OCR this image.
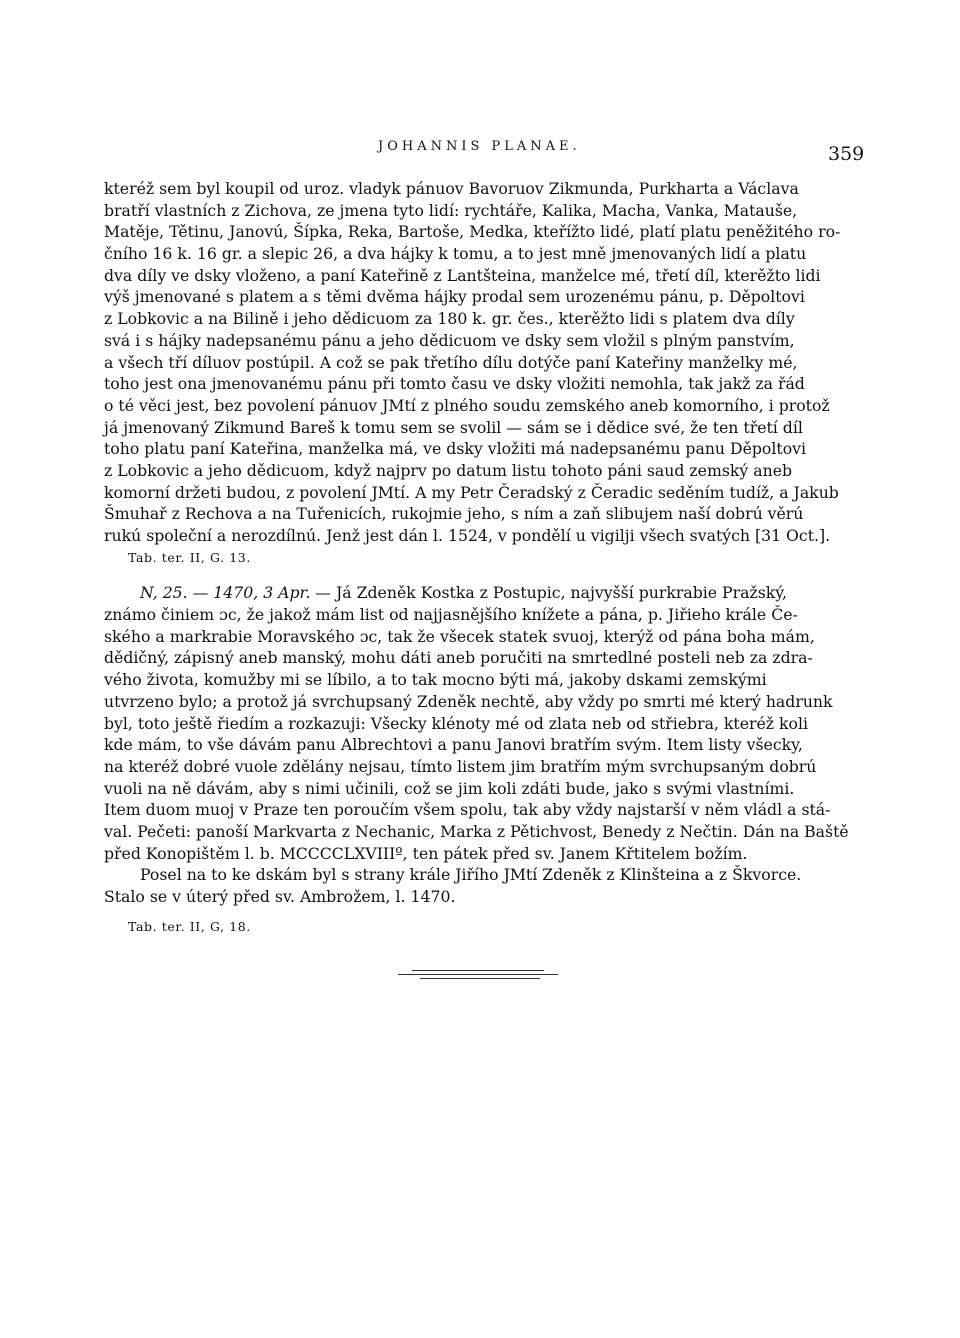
JOHANNIS PLANAE.	359
kteréž sem byl koupil od uroz. vladyk pánuov Bavoruov Zikmunda, Purkharta a Václava
bratří vlastních z Zichova, ze jmena tyto lidí: rychtáře, Kalika, Macha, Vanka, Matauše,
Matěje, Tětinu, Janovú, Šípka, Reka, Bartoše, Medka, kteřížto lidé, platí platu peněžitého ro-
čního 16 k. 16 gr. a slepic 26, a dva hájky k tomu, a to jest mně jmenovaných lidí a platu
dva díly ve dsky vloženo, a paní Kateřině z Lantšteina, manželce mé, třetí díl, kterěžto lidi
výš jmenované s platem a s těmi dvěma hájky prodal sem urozenému pánu, p. Děpoltovi
z Lobkovic a na Bilině i jeho dědicuom za 180 k. gr. čes., kterěžto lidi s platem dva díly
svá i s hájky nadepsanému pánu a jeho dědicuom ve dsky sem vložil s plným panstvím,
a všech tří díluov postúpil. A což se pak třetího dílu dotýče paní Kateřiny manželky mé,
toho jest ona jmenovanému pánu při tomto času ve dsky vložiti nemohla, tak jakž za řád
o té věci jest, bez povolení pánuov JMtí z plného soudu zemského aneb komorního, i protož
já jmenovaný Zikmund Bareš k tomu sem se svolil — sám se i dědice své, že ten třetí díl
toho platu paní Kateřina, manželka má, ve dsky vložiti má nadepsanému panu Děpoltovi
z Lobkovic a jeho dědicuom, když najprv po datum listu tohoto páni saud zemský aneb
komorní držeti budou, z povolení JMtí. A my Petr Čeradský z Čeradic seděním tudíž, a Jakub
Šmuhař z Rechova a na Tuřenicích, rukojmie jeho, s ním a zaň slibujem naší dobrú věrú
rukú společní a nerozdílnú. Jenž jest dán l. 1524, v pondělí u vigilji všech svatých [31 Oct.].
Tab. ter. II, G. 13.
N, 25. — 1470, 3 Apr. — Já Zdeněk Kostka z Postupic, najvyšší purkrabie Pražský,
známo činiem ɔc, že jakož mám list od najjasnějšího knížete a pána, p. Jiřieho krále Če-
ského a markrabie Moravského ɔc, tak že všecek statek svuoj, kterýž od pána boha mám,
dědičný, zápisný aneb manský, mohu dáti aneb poručiti na smrtedlné posteli neb za zdra-
vého života, komužby mi se líbilo, a to tak mocno býti má, jakoby dskami zemskými
utvrzeno bylo; a protož já svrchupsaný Zdeněk nechtě, aby vždy po smrti mé který hadrunk
byl, toto ještě řiedím a rozkazuji: Všecky klénoty mé od zlata neb od střiebra, kteréž koli
kde mám, to vše dávám panu Albrechtovi a panu Janovi bratřím svým. Item listy všecky,
na kteréž dobré vuole zdělány nejsau, tímto listem jim bratřím mým svrchupsaným dobrú
vuoli na ně dávám, aby s nimi učinili, což se jim koli zdáti bude, jako s svými vlastními.
Item duom muoj v Praze ten poroučím všem spolu, tak aby vždy najstarší v něm vládl a stá-
val. Pečeti: panoší Markvarta z Nechanic, Marka z Pětichvost, Benedy z Nečtin. Dán na Baště
před Konopištěm l. b. MCCCCLXVIIIº, ten pátek před sv. Janem Křtitelem božím.
Posel na to ke dskám byl s strany krále Jiřího JMtí Zdeněk z Klinšteina a z Škvorce.
Stalo se v úterý před sv. Ambrožem, l. 1470.
Tab. ter. II, G, 18.
